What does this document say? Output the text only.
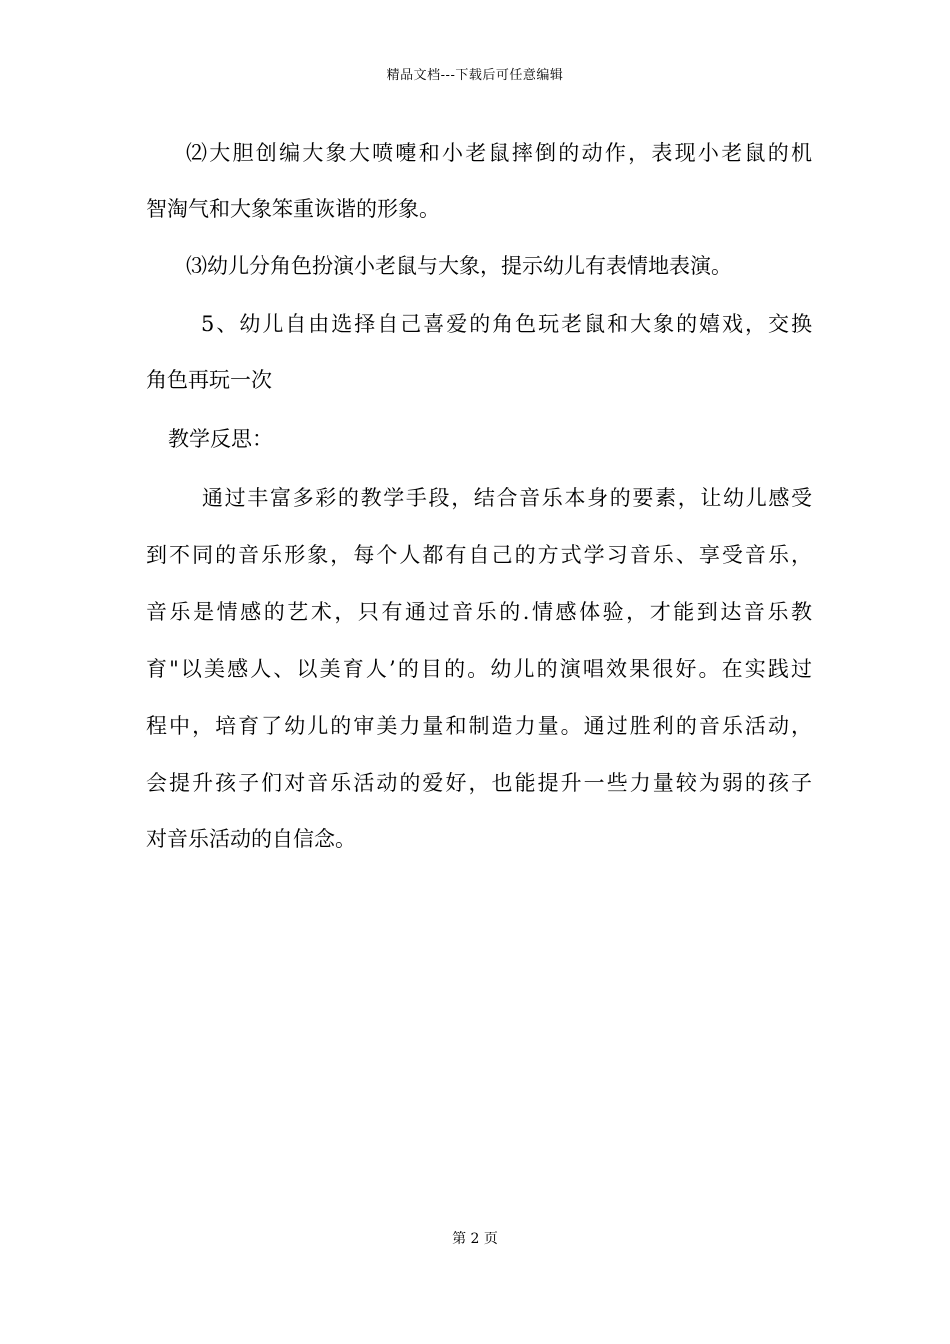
精品文档---下载后可任意编辑
⑵大胆创编大象大喷嚏和小老鼠摔倒的动作，表现小老鼠的机
智淘气和大象笨重诙谐的形象。
⑶幼儿分角色扮演小老鼠与大象，提示幼儿有表情地表演。
5、幼儿自由选择自己喜爱的角色玩老鼠和大象的嬉戏，交换
角色再玩一次
教学反思：
通过丰富多彩的教学手段，结合音乐本身的要素，让幼儿感受
到不同的音乐形象，每个人都有自己的方式学习音乐、享受音乐，
音乐是情感的艺术，只有通过音乐的.情感体验，才能到达音乐教
育"以美感人、以美育人’的目的。幼儿的演唱效果很好。在实践过
程中，培育了幼儿的审美力量和制造力量。通过胜利的音乐活动，
会提升孩子们对音乐活动的爱好，也能提升一些力量较为弱的孩子
对音乐活动的自信念。
第 2 页
